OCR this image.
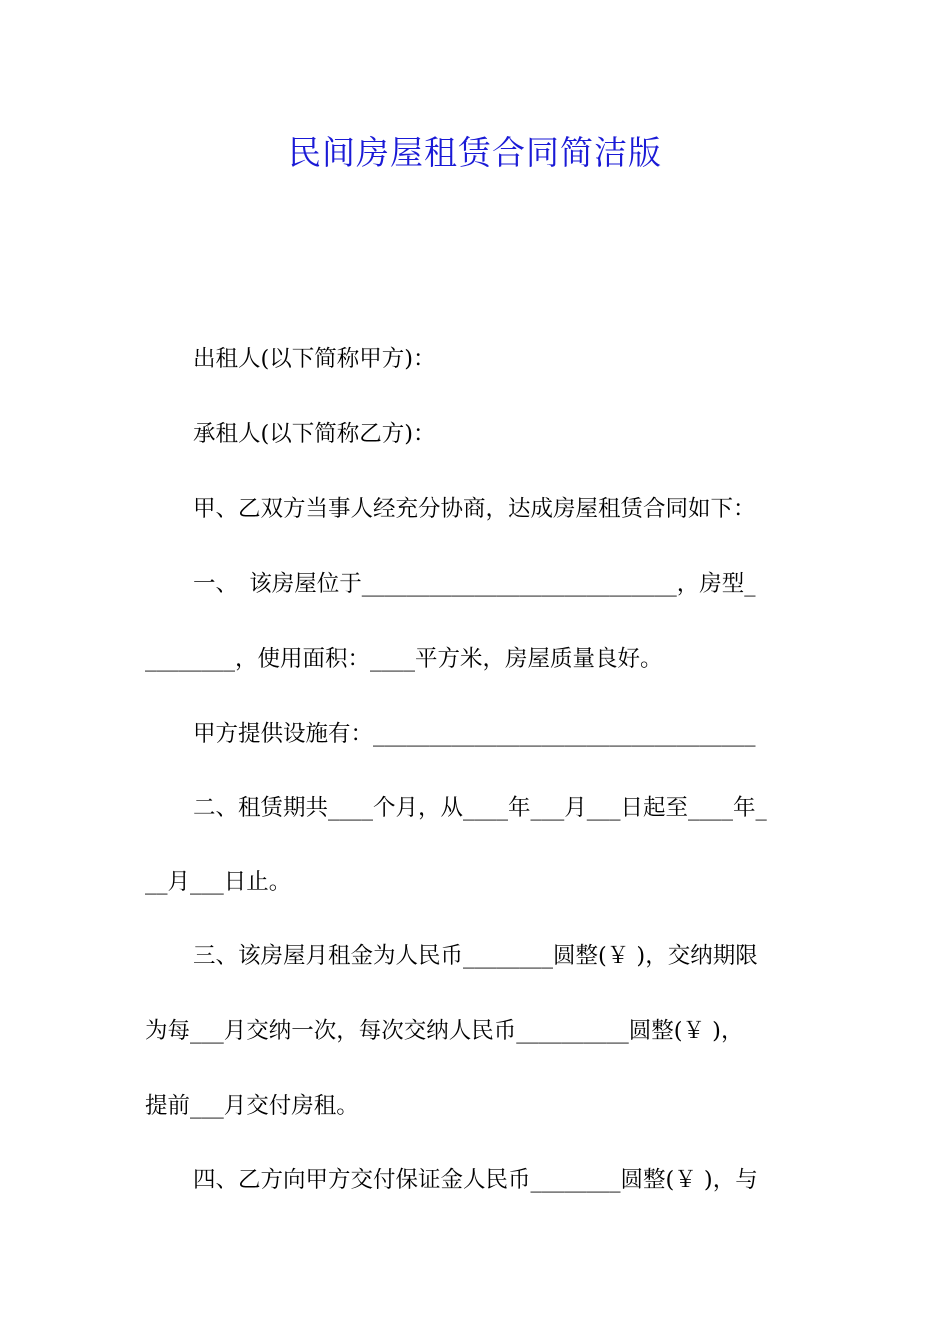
民间房屋租赁合同简洁版
出租人(以下简称甲方)：
承租人(以下简称乙方)：
甲、乙双方当事人经充分协商，达成房屋租赁合同如下：
一、　该房屋位于____________________________，房型_
________，使用面积：____平方米，房屋质量良好。
甲方提供设施有：__________________________________
二、租赁期共____个月，从____年___月___日起至____年_
__月___日止。
三、该房屋月租金为人民币________圆整(￥ )，交纳期限
为每___月交纳一次，每次交纳人民币__________圆整(￥ )，
提前___月交付房租。
四、乙方向甲方交付保证金人民币________圆整(￥ )，与
